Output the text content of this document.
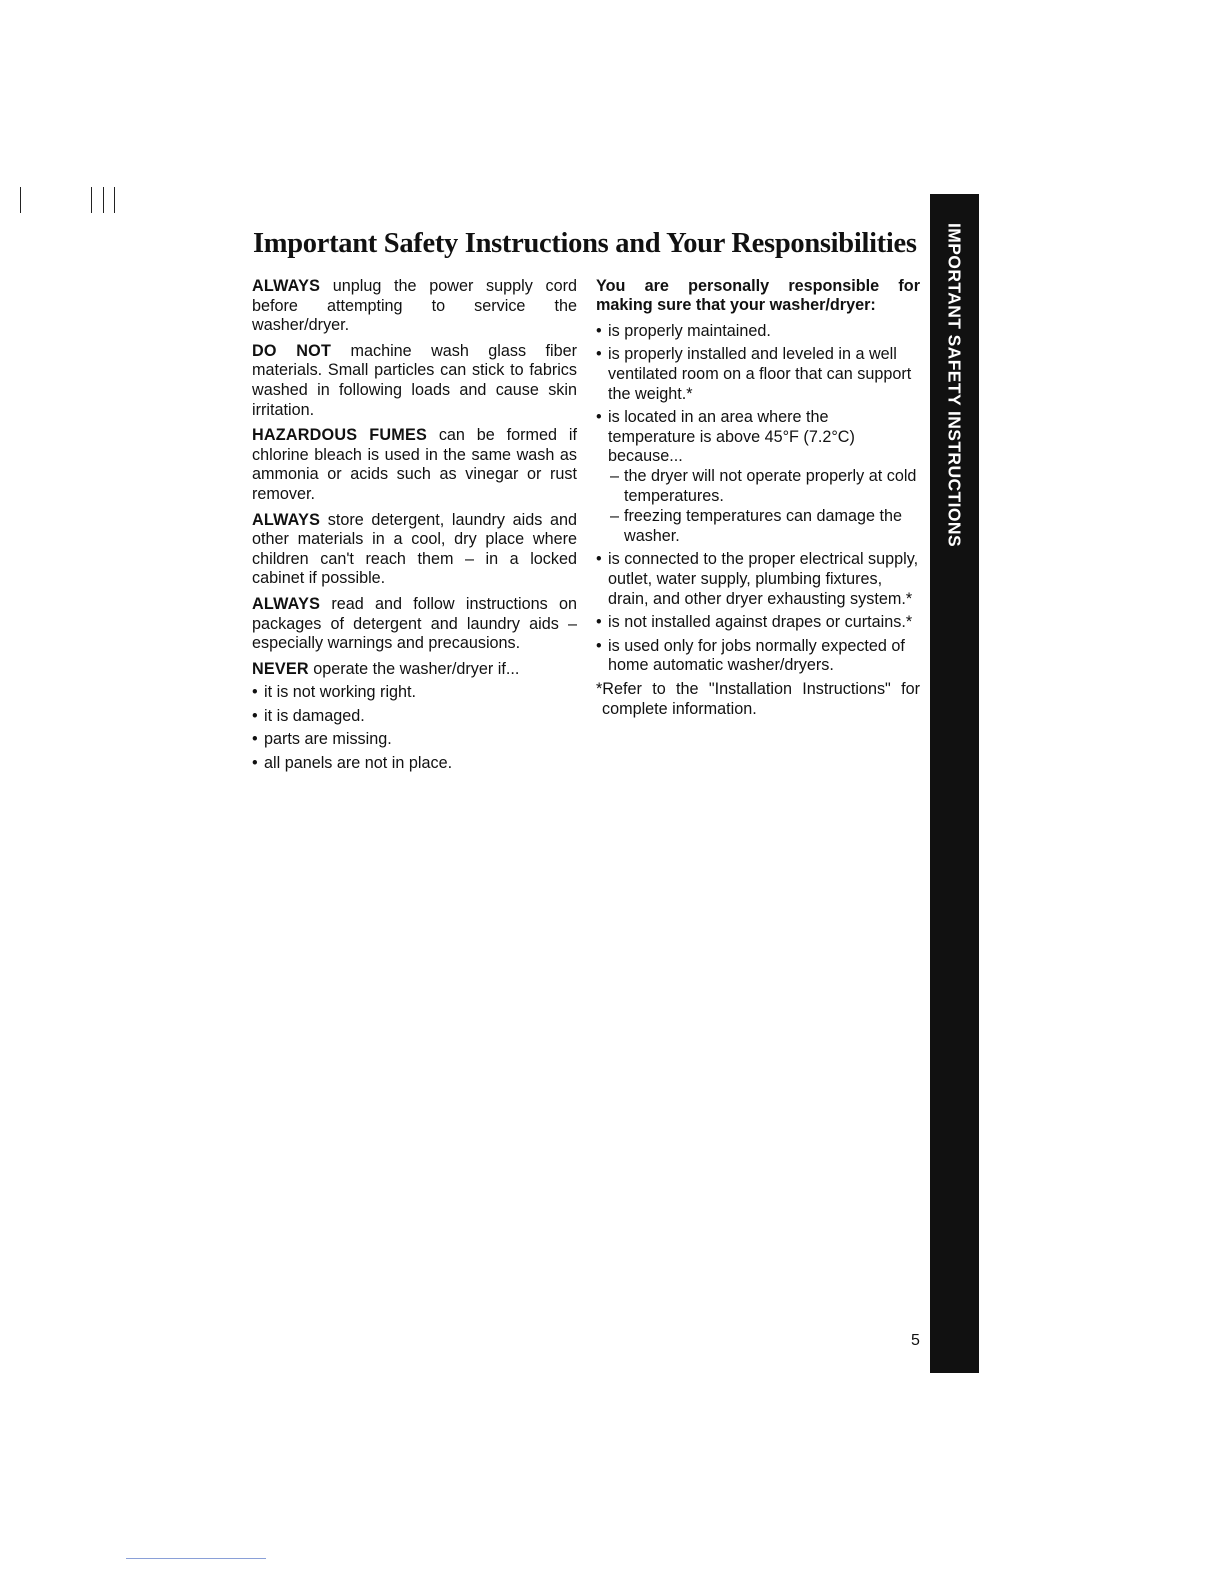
Important Safety Instructions and Your Responsibilities

ALWAYS unplug the power supply cord before attempting to service the washer/dryer.

DO NOT machine wash glass fiber materials. Small particles can stick to fabrics washed in following loads and cause skin irritation.

HAZARDOUS FUMES can be formed if chlorine bleach is used in the same wash as ammonia or acids such as vinegar or rust remover.

ALWAYS store detergent, laundry aids and other materials in a cool, dry place where children can't reach them – in a locked cabinet if possible.

ALWAYS read and follow instructions on packages of detergent and laundry aids – especially warnings and precausions.

NEVER operate the washer/dryer if...

• it is not working right.
• it is damaged.
• parts are missing.
• all panels are not in place.

You are personally responsible for making sure that your washer/dryer:

• is properly maintained.
• is properly installed and leveled in a well ventilated room on a floor that can support the weight.*
• is located in an area where the temperature is above 45°F (7.2°C) because...
– the dryer will not operate properly at cold temperatures.
– freezing temperatures can damage the washer.
• is connected to the proper electrical supply, outlet, water supply, plumbing fixtures, drain, and other dryer exhausting system.*
• is not installed against drapes or curtains.*
• is used only for jobs normally expected of home automatic washer/dryers.

*Refer to the "Installation Instructions" for complete information.

IMPORTANT SAFETY INSTRUCTIONS
5
